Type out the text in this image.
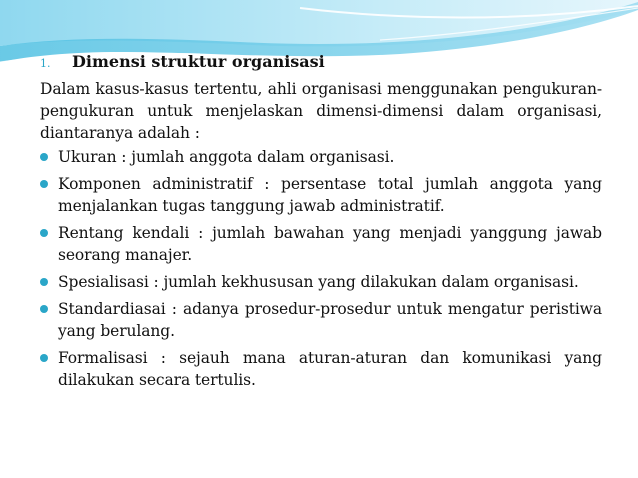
1.	Dimensi struktur organisasi

Dalam kasus-kasus tertentu, ahli organisasi menggunakan pengukuran-pengukuran untuk menjelaskan dimensi-dimensi dalam organisasi, diantaranya adalah :

Ukuran : jumlah anggota dalam organisasi.
Komponen administratif : persentase total jumlah anggota yang menjalankan tugas tanggung jawab administratif.
Rentang kendali : jumlah bawahan yang menjadi yanggung jawab seorang manajer.
Spesialisasi : jumlah kekhususan yang dilakukan dalam organisasi.
Standardiasai : adanya prosedur-prosedur untuk mengatur peristiwa yang berulang.
Formalisasi : sejauh mana aturan-aturan dan komunikasi yang dilakukan secara tertulis.
